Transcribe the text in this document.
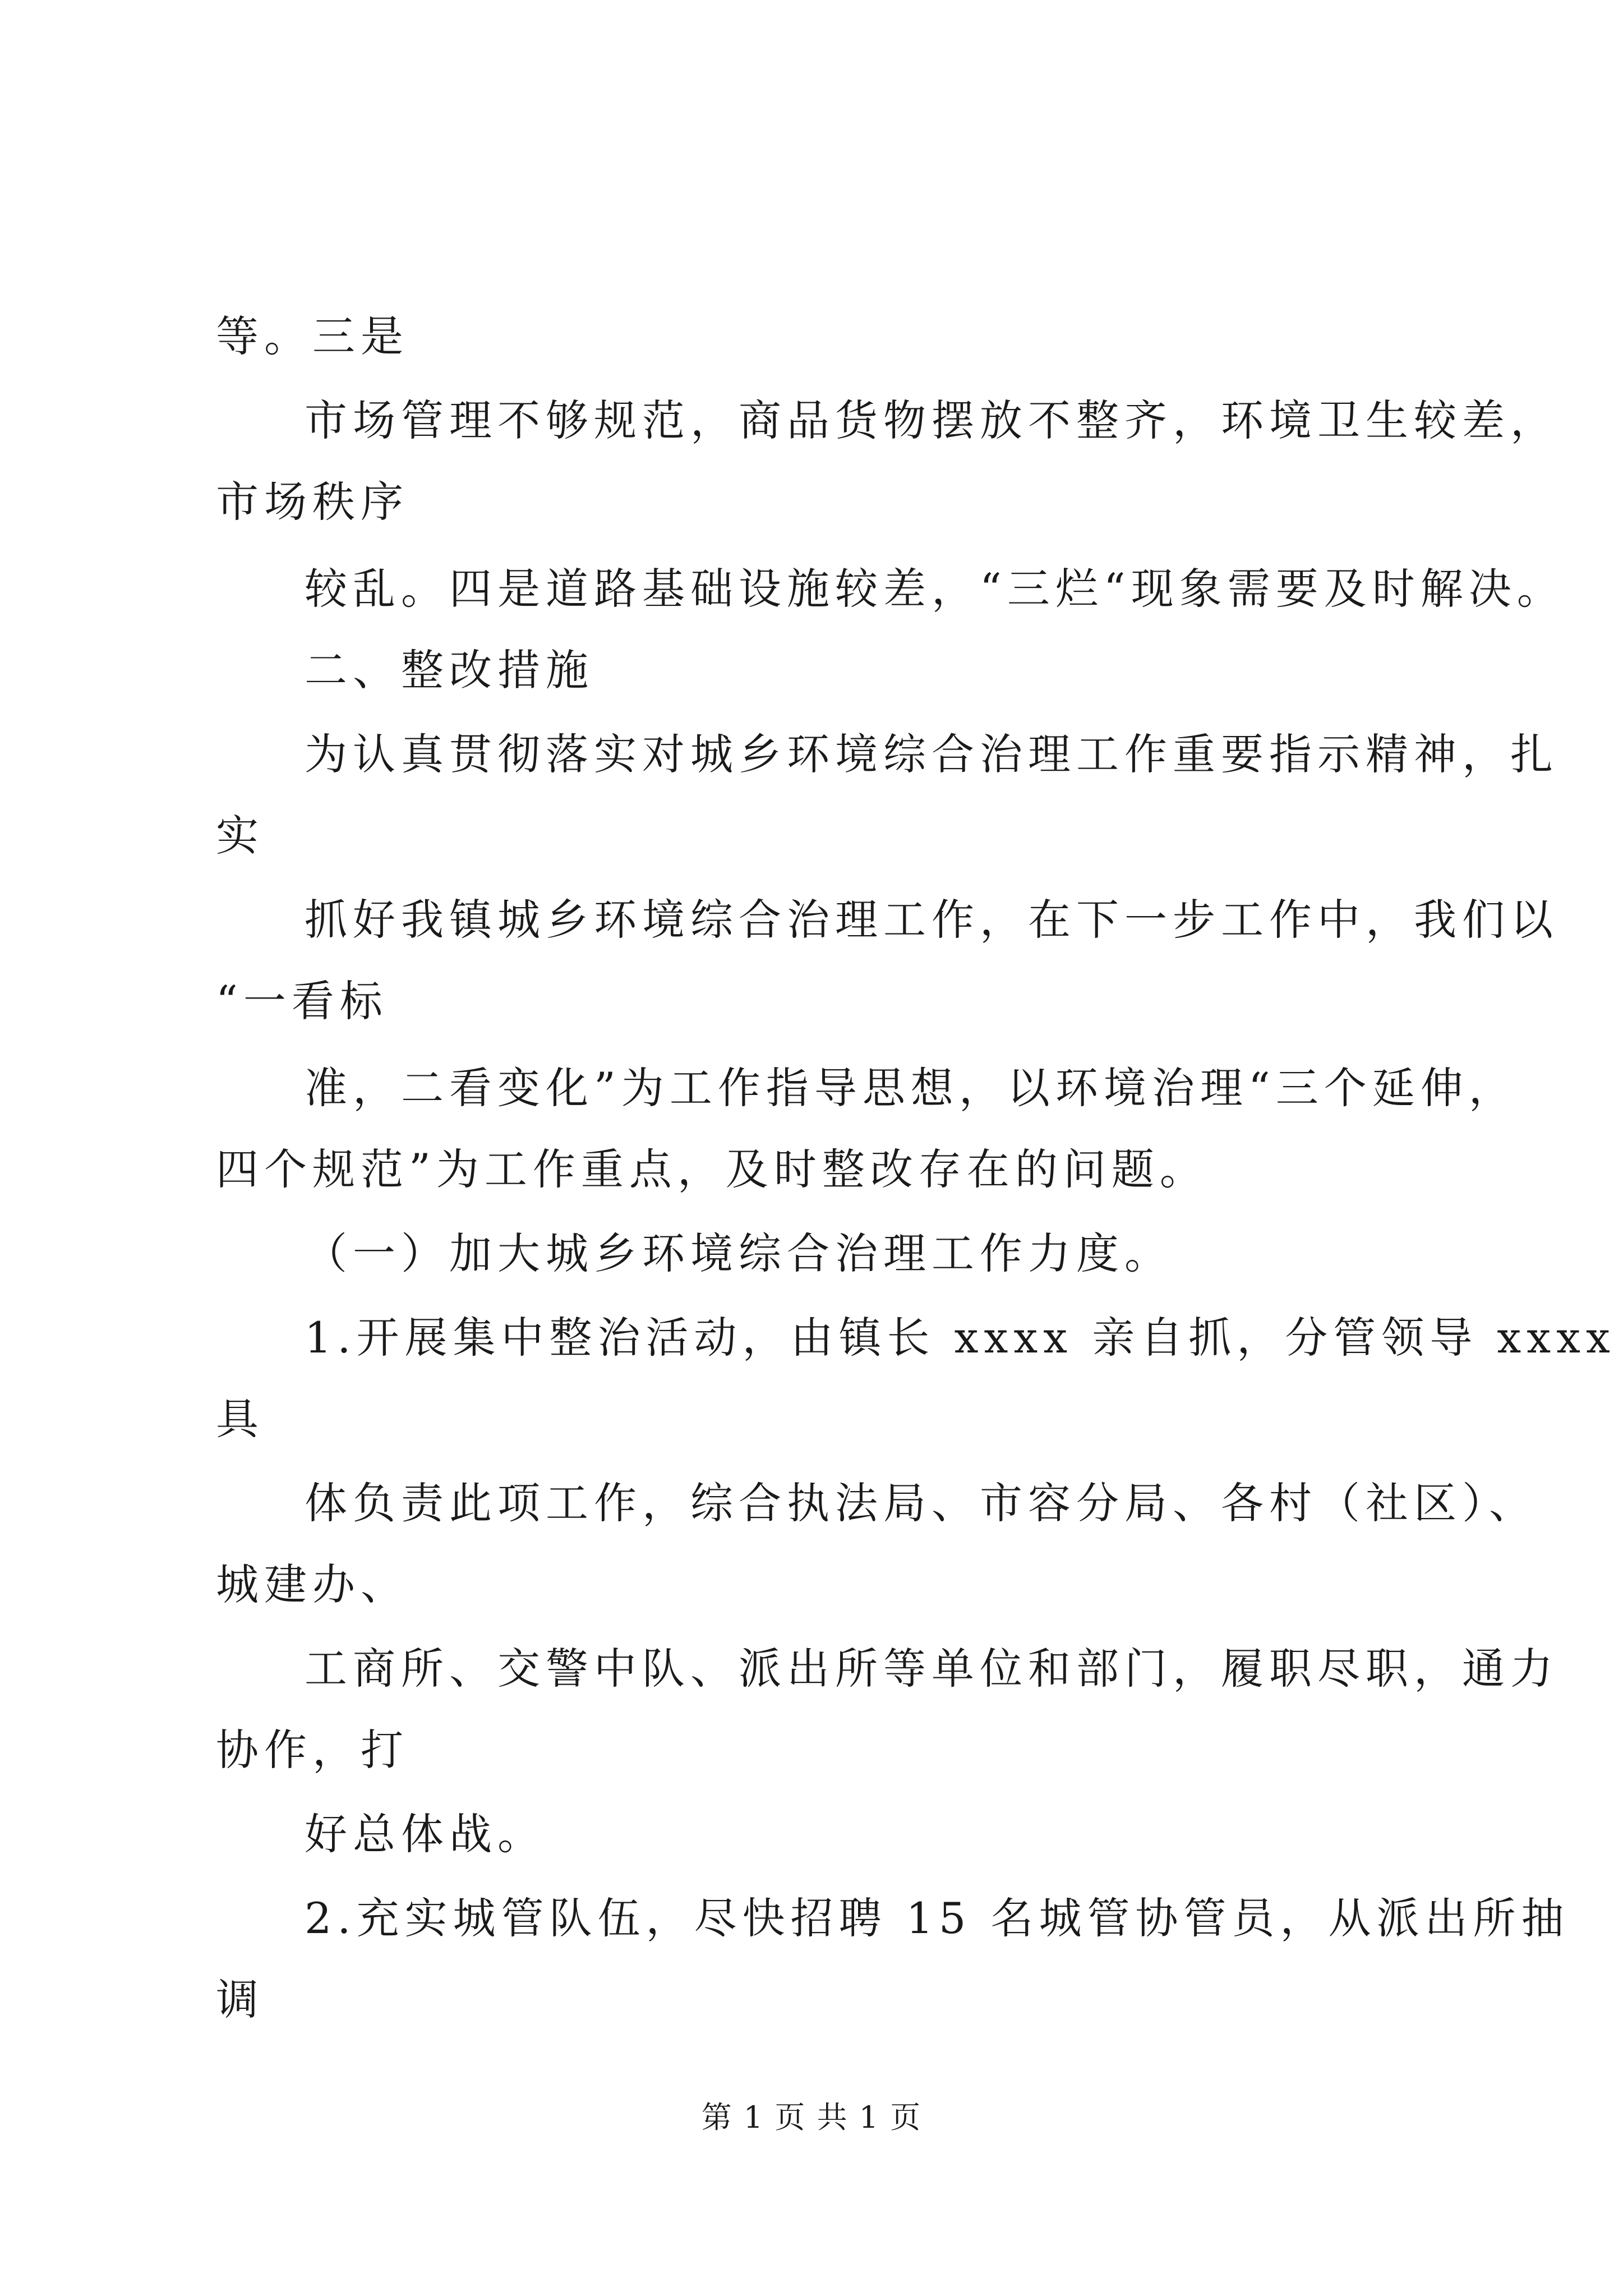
等。三是
市场管理不够规范，商品货物摆放不整齐，环境卫生较差，
市场秩序
较乱。四是道路基础设施较差，“三烂“现象需要及时解决。
二、整改措施
为认真贯彻落实对城乡环境综合治理工作重要指示精神，扎
实
抓好我镇城乡环境综合治理工作，在下一步工作中，我们以
“一看标
准，二看变化”为工作指导思想，以环境治理“三个延伸，
四个规范”为工作重点，及时整改存在的问题。
（一）加大城乡环境综合治理工作力度。
1.开展集中整治活动，由镇长 xxxx 亲自抓，分管领导 xxxx
具
体负责此项工作，综合执法局、市容分局、各村（社区）、
城建办、
工商所、交警中队、派出所等单位和部门，履职尽职，通力
协作，打
好总体战。
2.充实城管队伍，尽快招聘 15 名城管协管员，从派出所抽
调
第 1 页 共 1 页
